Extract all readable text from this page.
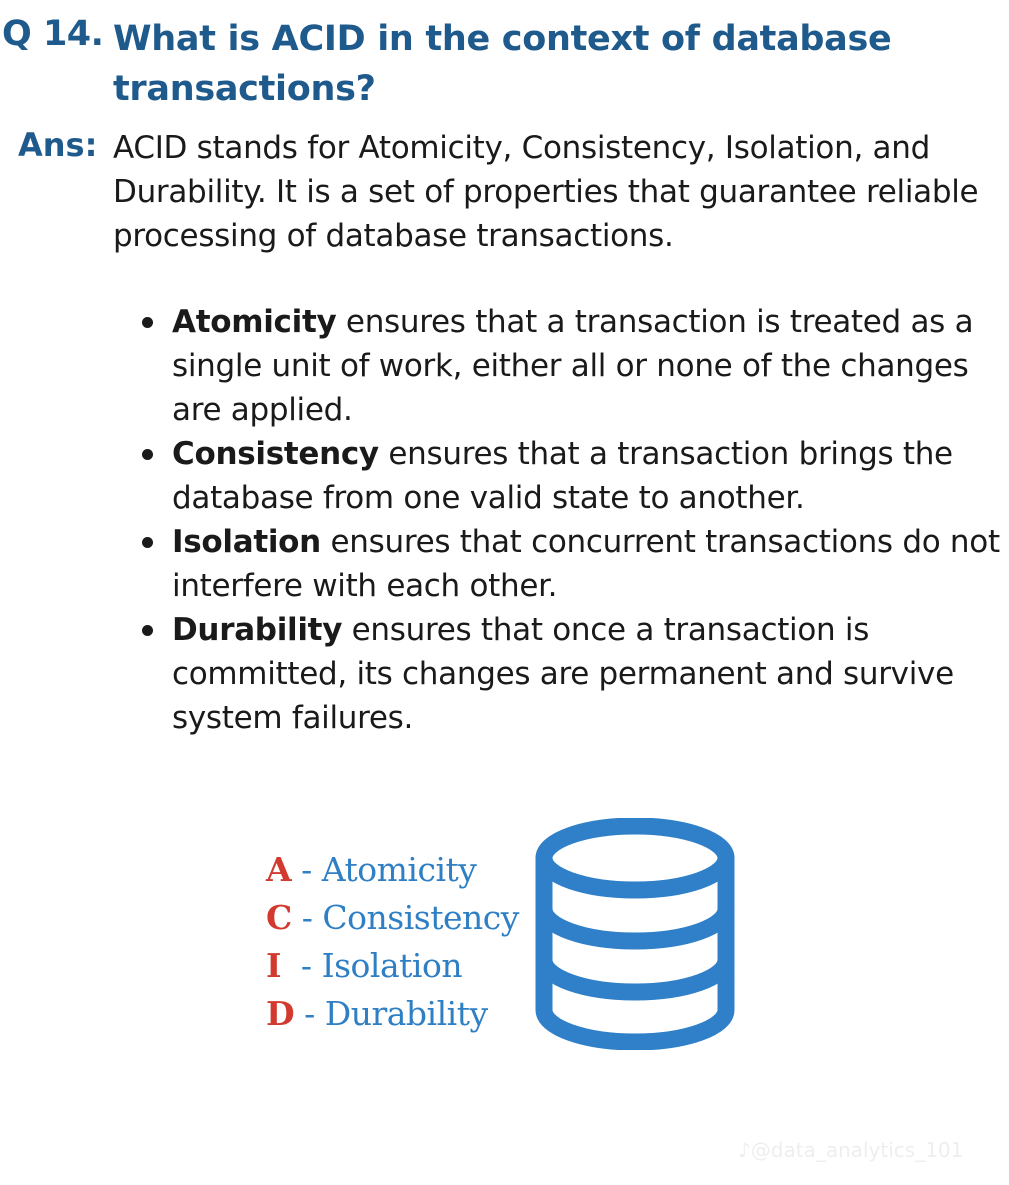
Q 14. What is ACID in the context of database transactions?
Ans: ACID stands for Atomicity, Consistency, Isolation, and Durability. It is a set of properties that guarantee reliable processing of database transactions.
Atomicity ensures that a transaction is treated as a single unit of work, either all or none of the changes are applied.
Consistency ensures that a transaction brings the database from one valid state to another.
Isolation ensures that concurrent transactions do not interfere with each other.
Durability ensures that once a transaction is committed, its changes are permanent and survive system failures.
A - Atomicity
C - Consistency
I  - Isolation
D - Durability
♪@data_analytics_101
